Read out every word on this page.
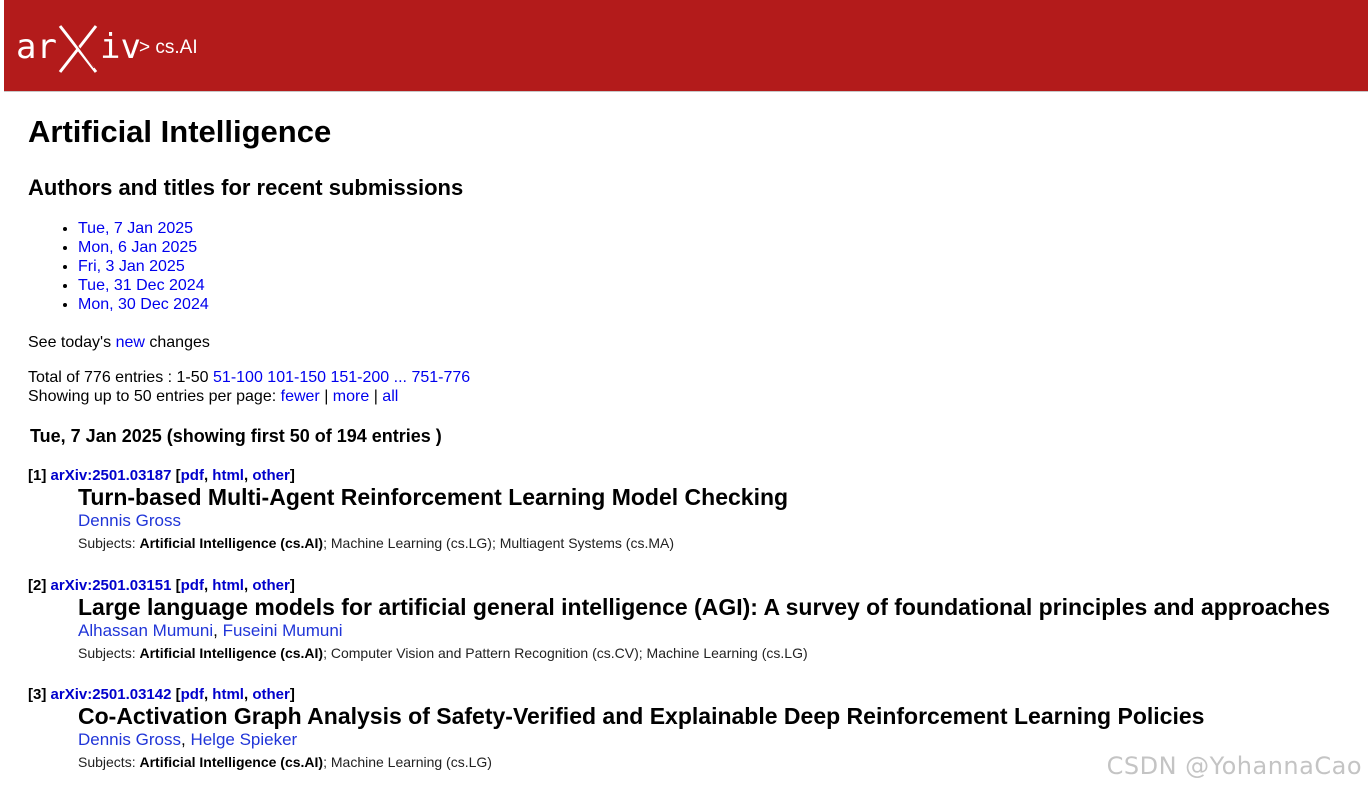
ar iv
> cs.AI
Artificial Intelligence
Authors and titles for recent submissions
• Tue, 7 Jan 2025
• Mon, 6 Jan 2025
• Fri, 3 Jan 2025
• Tue, 31 Dec 2024
• Mon, 30 Dec 2024
See today's new changes
Total of 776 entries : 1-50 51-100 101-150 151-200 ... 751-776
Showing up to 50 entries per page: fewer | more | all
Tue, 7 Jan 2025 (showing first 50 of 194 entries )
[1] arXiv:2501.03187 [pdf, html, other]
Turn-based Multi-Agent Reinforcement Learning Model Checking
Dennis Gross
Subjects: Artificial Intelligence (cs.AI); Machine Learning (cs.LG); Multiagent Systems (cs.MA)
[2] arXiv:2501.03151 [pdf, html, other]
Large language models for artificial general intelligence (AGI): A survey of foundational principles and approaches
Alhassan Mumuni, Fuseini Mumuni
Subjects: Artificial Intelligence (cs.AI); Computer Vision and Pattern Recognition (cs.CV); Machine Learning (cs.LG)
[3] arXiv:2501.03142 [pdf, html, other]
Co-Activation Graph Analysis of Safety-Verified and Explainable Deep Reinforcement Learning Policies
Dennis Gross, Helge Spieker
Subjects: Artificial Intelligence (cs.AI); Machine Learning (cs.LG)	CSDN @YohannaCao
